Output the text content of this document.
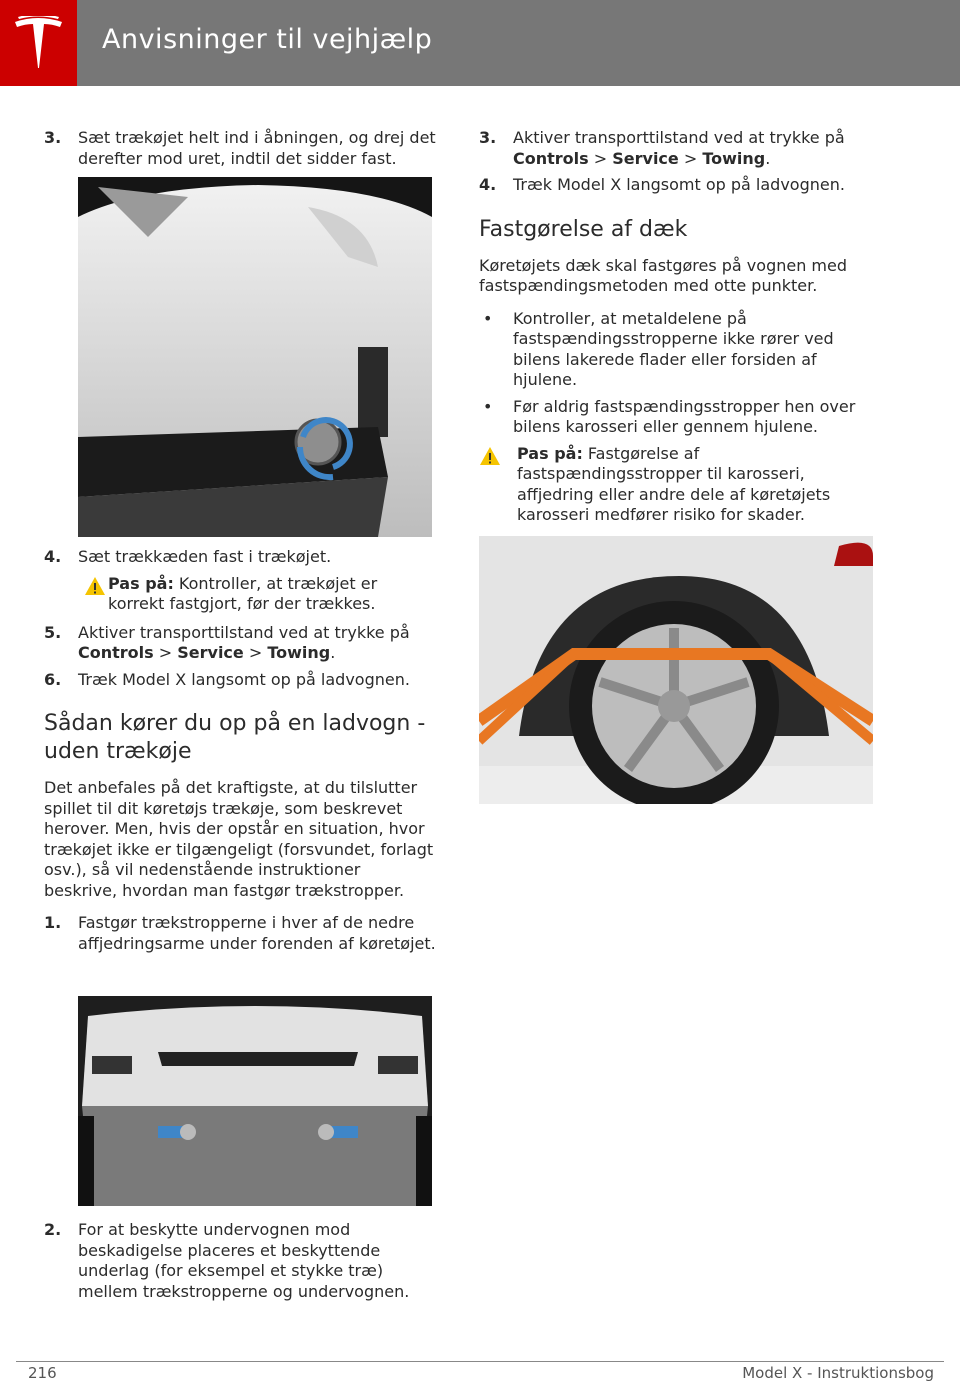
Anvisninger til vejhjælp
3.	Sæt trækøjet helt ind i åbningen, og drej det derefter mod uret, indtil det sidder fast.
4.	Sæt trækkæden fast i trækøjet.
Pas på: Kontroller, at trækøjet er korrekt fastgjort, før der trækkes.
5.	Aktiver transporttilstand ved at trykke på Controls > Service > Towing.
6.	Træk Model X langsomt op på ladvognen.
Sådan kører du op på en ladvogn - uden trækøje

Det anbefales på det kraftigste, at du tilslutter spillet til dit køretøjs trækøje, som beskrevet herover. Men, hvis der opstår en situation, hvor trækøjet ikke er tilgængeligt (forsvundet, forlagt osv.), så vil nedenstående instruktioner beskrive, hvordan man fastgør trækstropper.

1.	Fastgør trækstropperne i hver af de nedre affjedringsarme under forenden af køretøjet.
2.	For at beskytte undervognen mod beskadigelse placeres et beskyttende underlag (for eksempel et stykke træ) mellem trækstropperne og undervognen.
3.	Aktiver transporttilstand ved at trykke på Controls > Service > Towing.
4.	Træk Model X langsomt op på ladvognen.
Fastgørelse af dæk

Køretøjets dæk skal fastgøres på vognen med fastspændingsmetoden med otte punkter.

•	Kontroller, at metaldelene på fastspændingsstropperne ikke rører ved bilens lakerede flader eller forsiden af hjulene.
•	Før aldrig fastspændingsstropper hen over bilens karosseri eller gennem hjulene.
Pas på: Fastgørelse af fastspændingsstropper til karosseri, affjedring eller andre dele af køretøjets karosseri medfører risiko for skader.
216	Model X - Instruktionsbog
